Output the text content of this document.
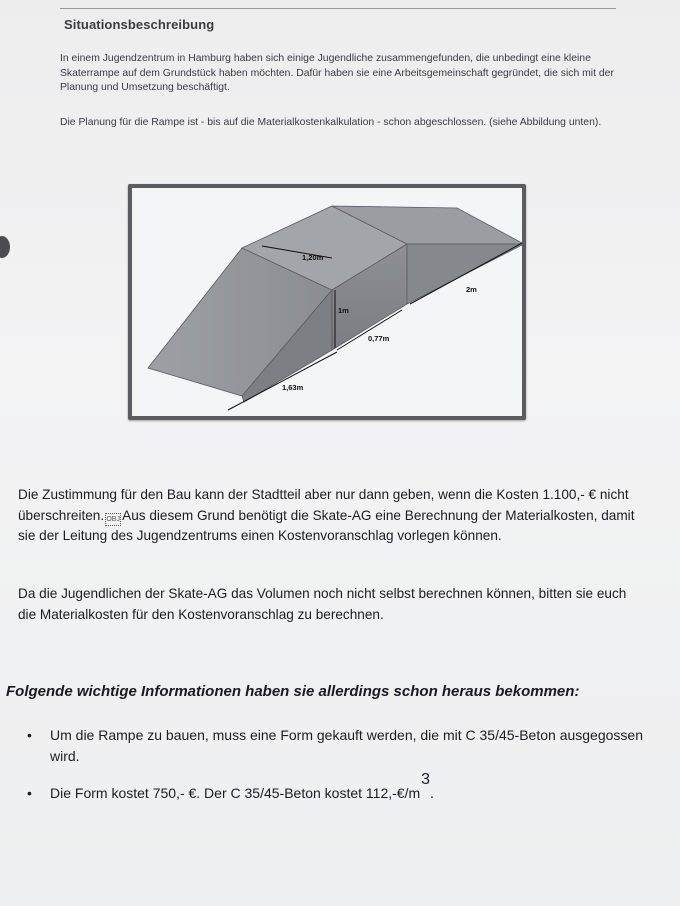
Situationsbeschreibung
In einem Jugendzentrum in Hamburg haben sich einige Jugendliche zusammengefunden, die unbedingt eine kleine Skaterrampe auf dem Grundstück haben möchten. Dafür haben sie eine Arbeitsgemeinschaft gegründet, die sich mit der Planung und Umsetzung beschäftigt.
Die Planung für die Rampe ist - bis auf die Materialkostenkalkulation - schon abgeschlossen. (siehe Abbildung unten).
1,20m
1m
2m
0,77m
1,63m
Die Zustimmung für den Bau kann der Stadtteil aber nur dann geben, wenn die Kosten 1.100,- € nicht überschreiten. OBJ Aus diesem Grund benötigt die Skate-AG eine Berechnung der Materialkosten, damit sie der Leitung des Jugendzentrums einen Kostenvoranschlag vorlegen können.
Da die Jugendlichen der Skate-AG das Volumen noch nicht selbst berechnen können, bitten sie euch die Materialkosten für den Kostenvoranschlag zu berechnen.
Folgende wichtige Informationen haben sie allerdings schon heraus bekommen:
• Um die Rampe zu bauen, muss eine Form gekauft werden, die mit C 35/45-Beton ausgegossen wird.
• Die Form kostet 750,- €. Der C 35/45-Beton kostet 112,-€/m3.
